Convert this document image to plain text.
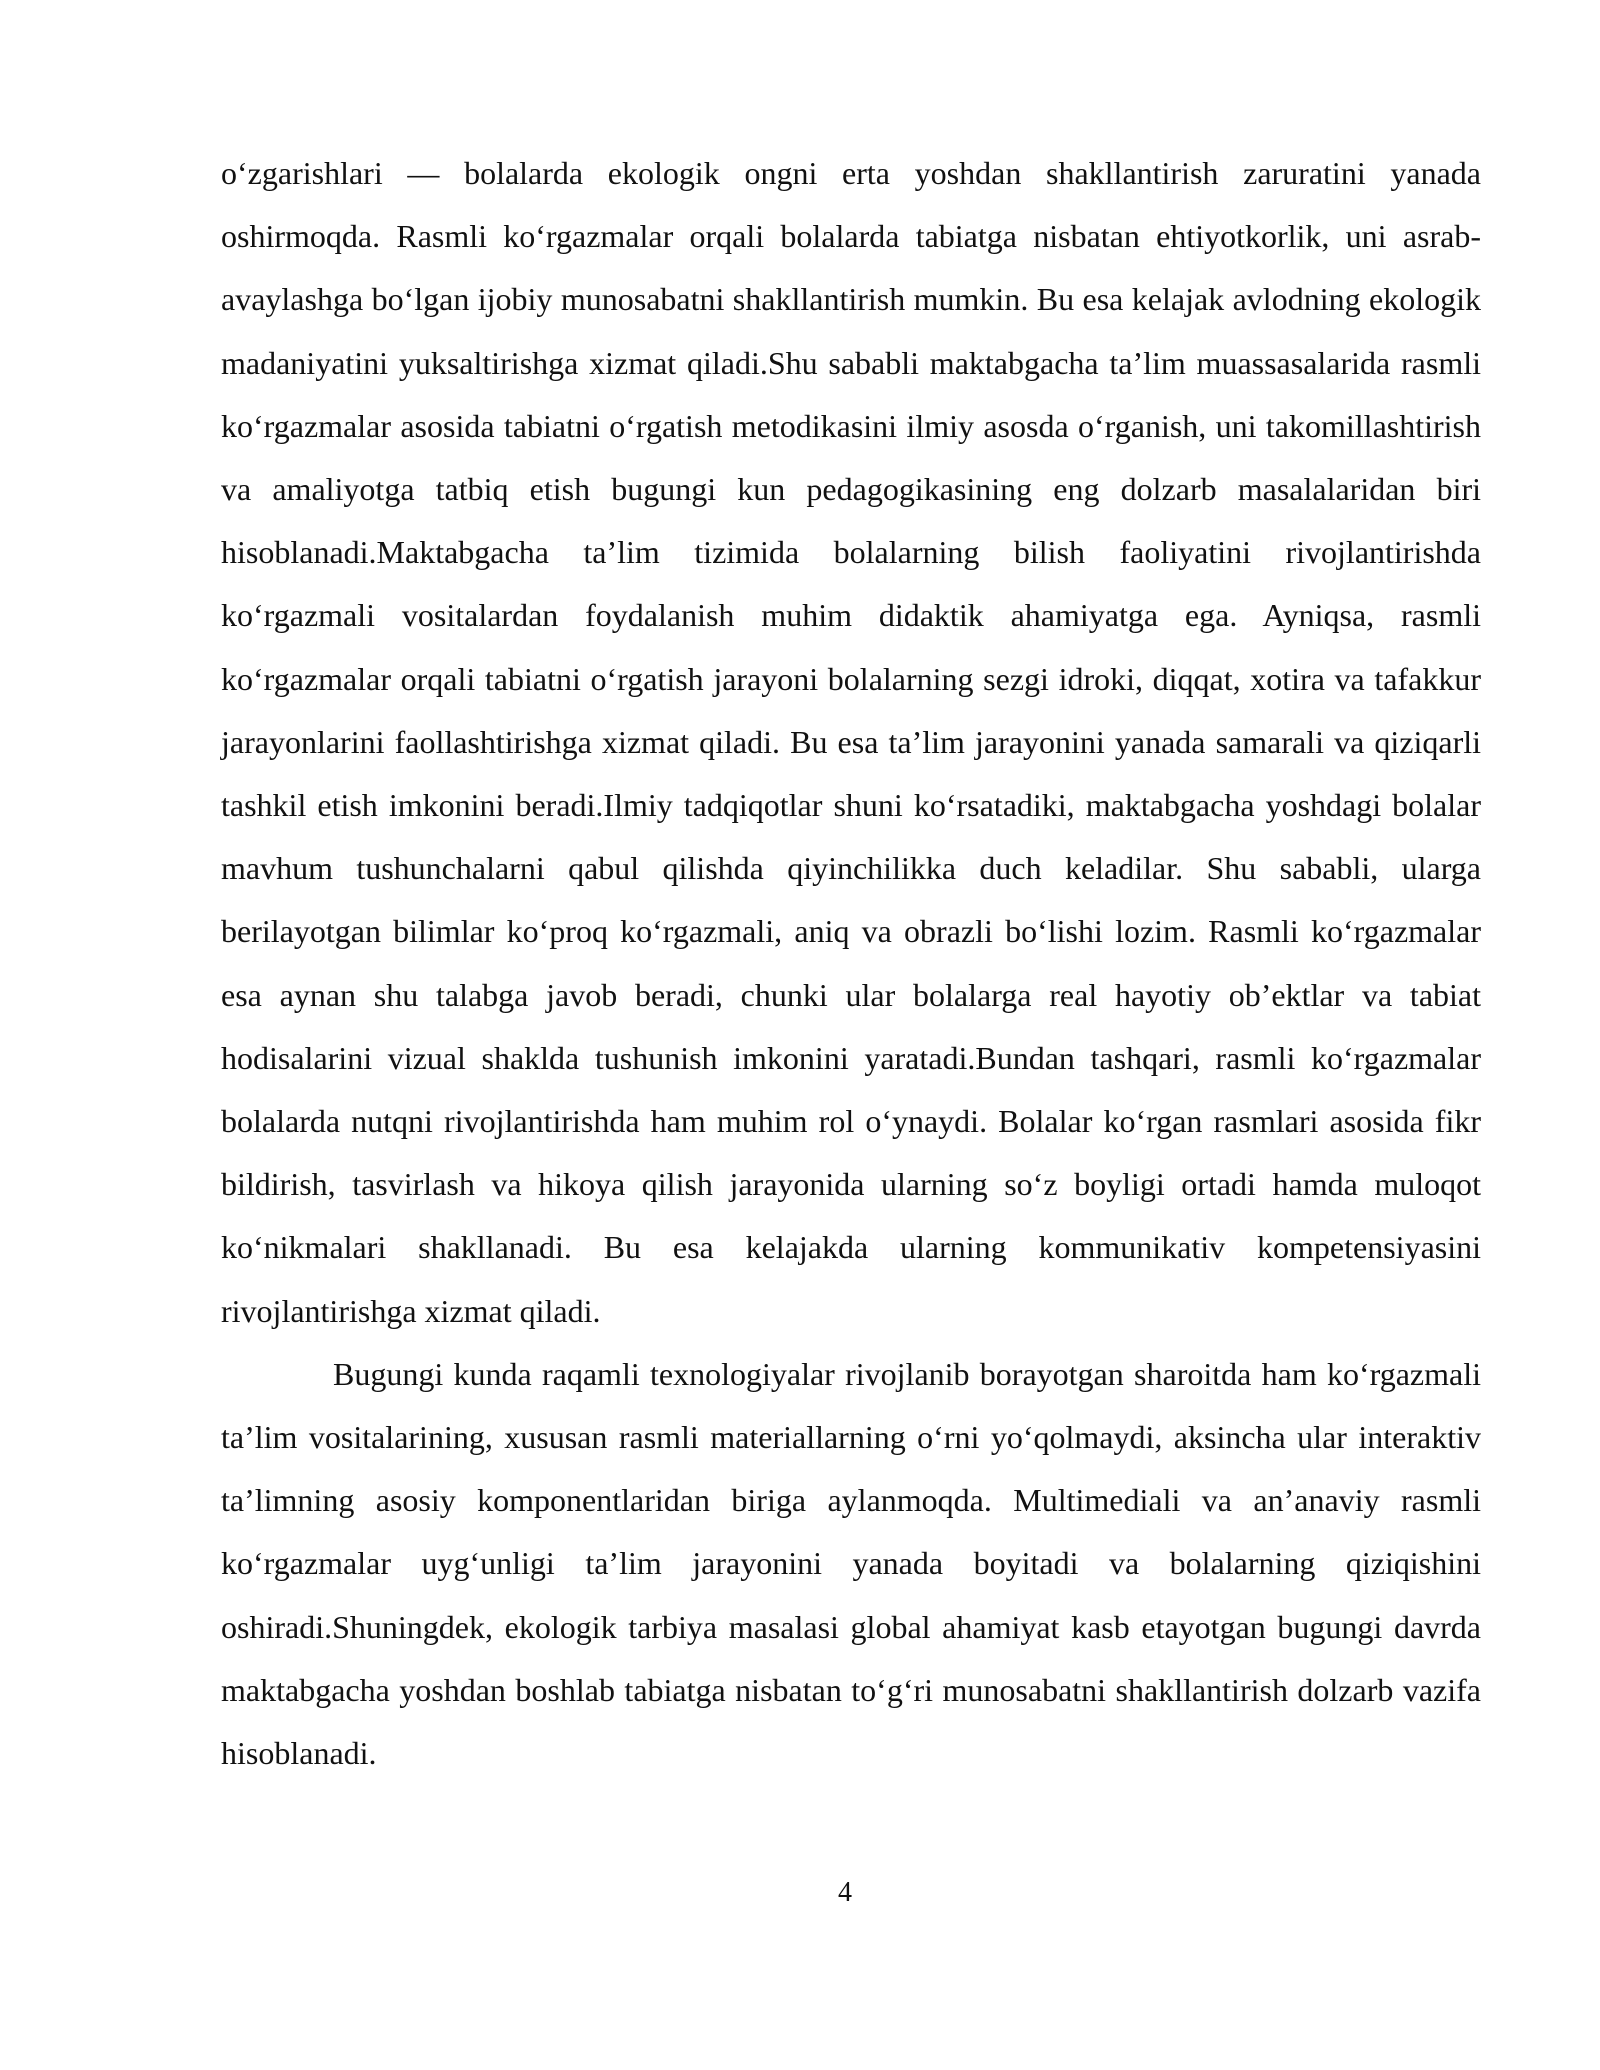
o‘zgarishlari — bolalarda ekologik ongni erta yoshdan shakllantirish zaruratini yanada oshirmoqda. Rasmli ko‘rgazmalar orqali bolalarda tabiatga nisbatan ehtiyotkorlik, uni asrab-avaylashga bo‘lgan ijobiy munosabatni shakllantirish mumkin. Bu esa kelajak avlodning ekologik madaniyatini yuksaltirishga xizmat qiladi.Shu sababli maktabgacha ta’lim muassasalarida rasmli ko‘rgazmalar asosida tabiatni o‘rgatish metodikasini ilmiy asosda o‘rganish, uni takomillashtirish va amaliyotga tatbiq etish bugungi kun pedagogikasining eng dolzarb masalalaridan biri hisoblanadi.Maktabgacha ta’lim tizimida bolalarning bilish faoliyatini rivojlantirishda ko‘rgazmali vositalardan foydalanish muhim didaktik ahamiyatga ega. Ayniqsa, rasmli ko‘rgazmalar orqali tabiatni o‘rgatish jarayoni bolalarning sezgi idroki, diqqat, xotira va tafakkur jarayonlarini faollashtirishga xizmat qiladi. Bu esa ta’lim jarayonini yanada samarali va qiziqarli tashkil etish imkonini beradi.Ilmiy tadqiqotlar shuni ko‘rsatadiki, maktabgacha yoshdagi bolalar mavhum tushunchalarni qabul qilishda qiyinchilikka duch keladilar. Shu sababli, ularga berilayotgan bilimlar ko‘proq ko‘rgazmali, aniq va obrazli bo‘lishi lozim. Rasmli ko‘rgazmalar esa aynan shu talabga javob beradi, chunki ular bolalarga real hayotiy ob’ektlar va tabiat hodisalarini vizual shaklda tushunish imkonini yaratadi.Bundan tashqari, rasmli ko‘rgazmalar bolalarda nutqni rivojlantirishda ham muhim rol o‘ynaydi. Bolalar ko‘rgan rasmlari asosida fikr bildirish, tasvirlash va hikoya qilish jarayonida ularning so‘z boyligi ortadi hamda muloqot ko‘nikmalari shakllanadi. Bu esa kelajakda ularning kommunikativ kompetensiyasini rivojlantirishga xizmat qiladi.

Bugungi kunda raqamli texnologiyalar rivojlanib borayotgan sharoitda ham ko‘rgazmali ta’lim vositalarining, xususan rasmli materiallarning o‘rni yo‘qolmaydi, aksincha ular interaktiv ta’limning asosiy komponentlaridan biriga aylanmoqda. Multimediali va an’anaviy rasmli ko‘rgazmalar uyg‘unligi ta’lim jarayonini yanada boyitadi va bolalarning qiziqishini oshiradi.Shuningdek, ekologik tarbiya masalasi global ahamiyat kasb etayotgan bugungi davrda maktabgacha yoshdan boshlab tabiatga nisbatan to‘g‘ri munosabatni shakllantirish dolzarb vazifa hisoblanadi.

4
